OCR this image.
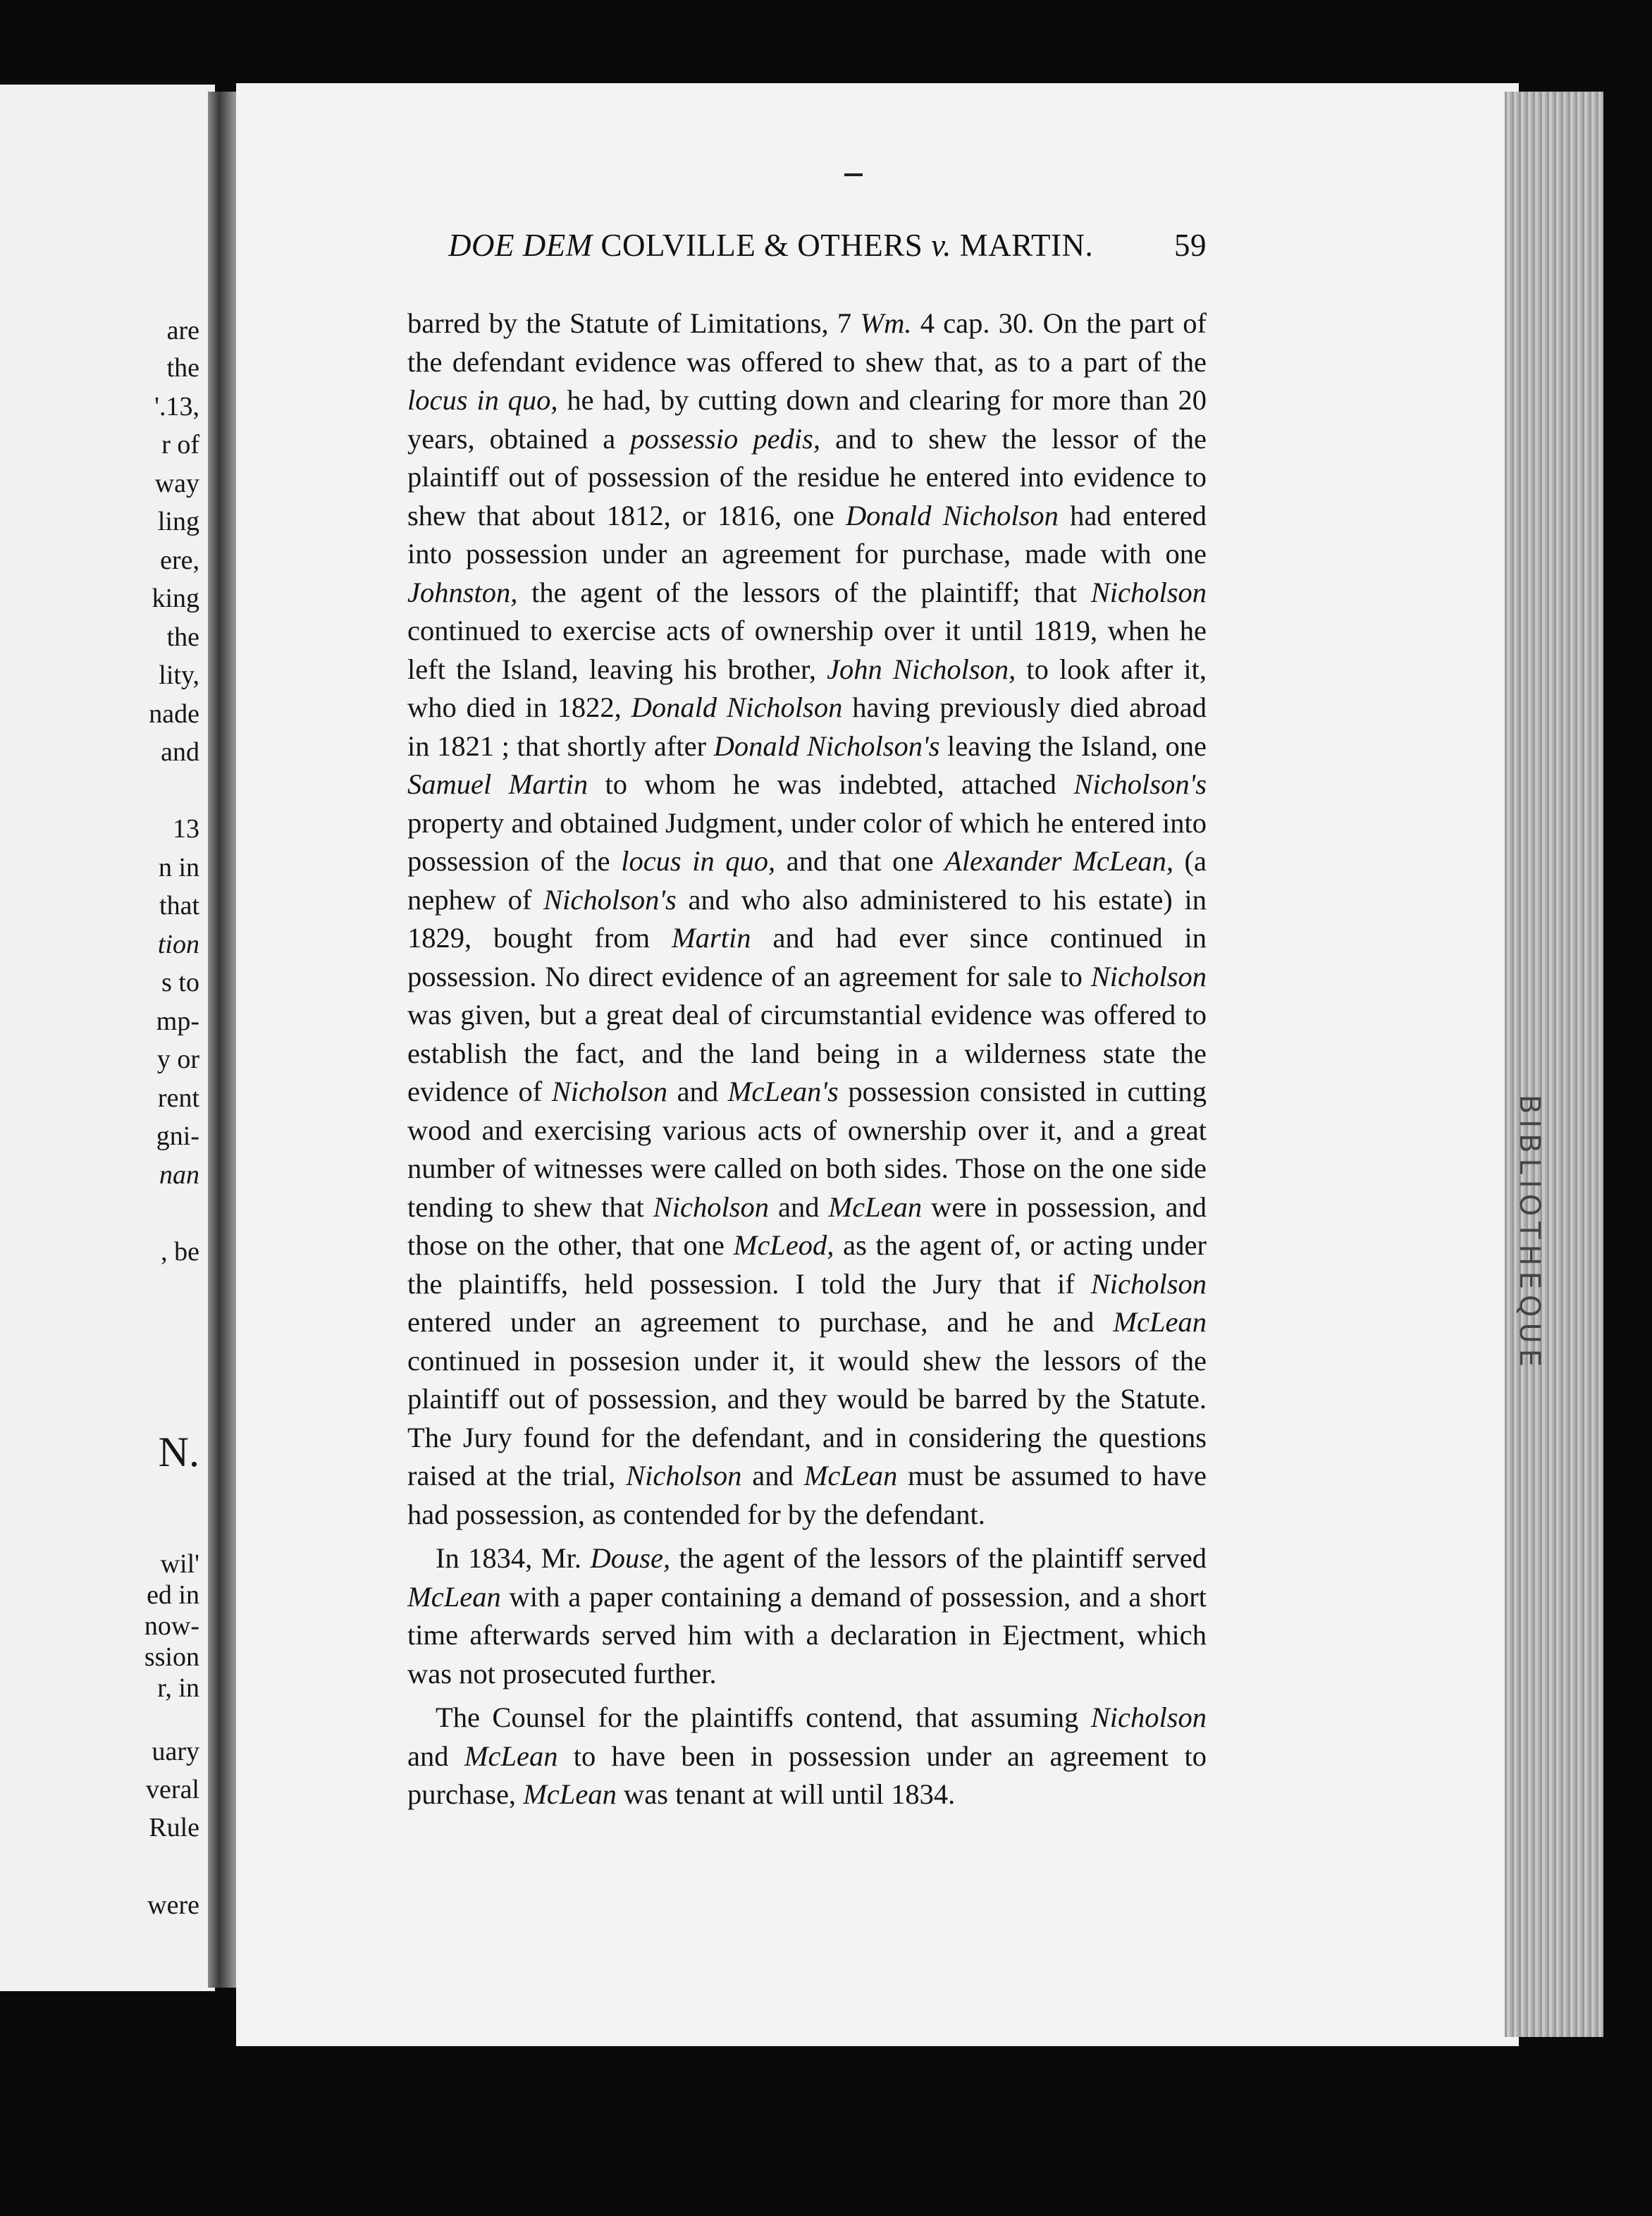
are
the
'.13,
r of
way
ling
ere,
king
the
lity,
nade
and
13
n in
that
tion
s to
mp-
y or
rent
gni-
nan
, be
N.
wil'
ed in
now-
ssion
r, in
uary
veral
Rule
were
BIBLIOTHEQUE
DOE DEM COLVILLE & OTHERS v. MARTIN.	59

barred by the Statute of Limitations, 7 Wm. 4 cap. 30. On the part of the defendant evidence was offered to shew that, as to a part of the locus in quo, he had, by cutting down and clearing for more than 20 years, obtained a possessio pedis, and to shew the lessor of the plaintiff out of possession of the residue he entered into evidence to shew that about 1812, or 1816, one Donald Nicholson had entered into possession under an agreement for purchase, made with one Johnston, the agent of the lessors of the plaintiff; that Nicholson continued to exercise acts of ownership over it until 1819, when he left the Island, leaving his brother, John Nicholson, to look after it, who died in 1822, Donald Nicholson having previously died abroad in 1821 ; that shortly after Donald Nicholson's leaving the Island, one Samuel Martin to whom he was indebted, attached Nicholson's property and obtained Judgment, under color of which he entered into possession of the locus in quo, and that one Alexander McLean, (a nephew of Nicholson's and who also administered to his estate) in 1829, bought from Martin and had ever since continued in possession. No direct evidence of an agreement for sale to Nicholson was given, but a great deal of circumstantial evidence was offered to establish the fact, and the land being in a wilderness state the evidence of Nicholson and McLean's possession consisted in cutting wood and exercising various acts of ownership over it, and a great number of witnesses were called on both sides. Those on the one side tending to shew that Nicholson and McLean were in possession, and those on the other, that one McLeod, as the agent of, or acting under the plaintiffs, held possession. I told the Jury that if Nicholson entered under an agreement to purchase, and he and McLean continued in possesion under it, it would shew the lessors of the plaintiff out of possession, and they would be barred by the Statute. The Jury found for the defendant, and in considering the questions raised at the trial, Nicholson and McLean must be assumed to have had possession, as contended for by the defendant.

In 1834, Mr. Douse, the agent of the lessors of the plaintiff served McLean with a paper containing a demand of possession, and a short time afterwards served him with a declaration in Ejectment, which was not prosecuted further.

The Counsel for the plaintiffs contend, that assuming Nicholson and McLean to have been in possession under an agreement to purchase, McLean was tenant at will until 1834.
